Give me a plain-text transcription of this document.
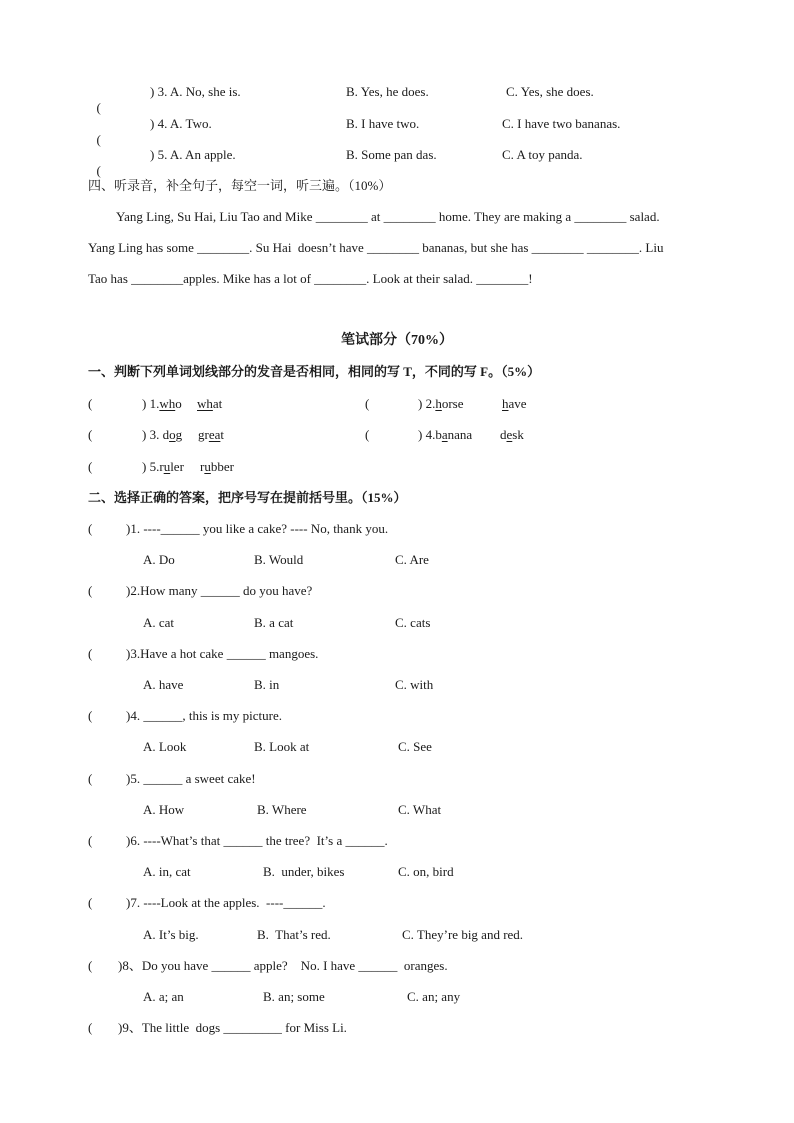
(

) 3. A. No, she is.	B. Yes, he does.	C. Yes, she does.

(

) 4. A. Two.	B. I have two.	C. I have two bananas.

(

) 5. A. An apple.	B. Some pan das.	C. A toy panda.
四、听录音，补全句子，每空一词，听三遍。（10%）
Yang Ling, Su Hai, Liu Tao and Mike ________ at ________ home. They are making a ________ salad.
Yang Ling has some ________. Su Hai  doesn’t have ________ bananas, but she has ________ ________. Liu
Tao has ________apples. Mike has a lot of ________. Look at their salad. ________!
笔试部分（70%）
一、判断下列单词划线部分的发音是否相同，相同的写 T，不同的写 F。（5%）
(	) 1.who what	(	) 2.horse	have
(	) 3. dog great	(	) 4.banana desk
(	) 5.ruler rubber
二、选择正确的答案，把序号写在提前括号里。（15%）
(	)1. ----______ you like a cake? ---- No, thank you.
A. Do	B. Would	C. Are
(	)2.How many ______ do you have?
A. cat	B. a cat	C. cats
(	)3.Have a hot cake ______ mangoes.
A. have	B. in	C. with
(	)4. ______, this is my picture.
A. Look	B. Look at	C. See
(	)5. ______ a sweet cake!
A. How	B. Where	C. What
(	)6. ----What’s that ______ the tree?  It’s a ______.
A. in, cat	B.  under, bikes	C. on, bird
(	)7. ----Look at the apples.  ----______.
A. It’s big.	B.  That’s red.	C. They’re big and red.
( )8、Do you have ______ apple?    No. I have ______  oranges.
A. a; an	B. an; some	C. an; any
( )9、The little  dogs _________ for Miss Li.
